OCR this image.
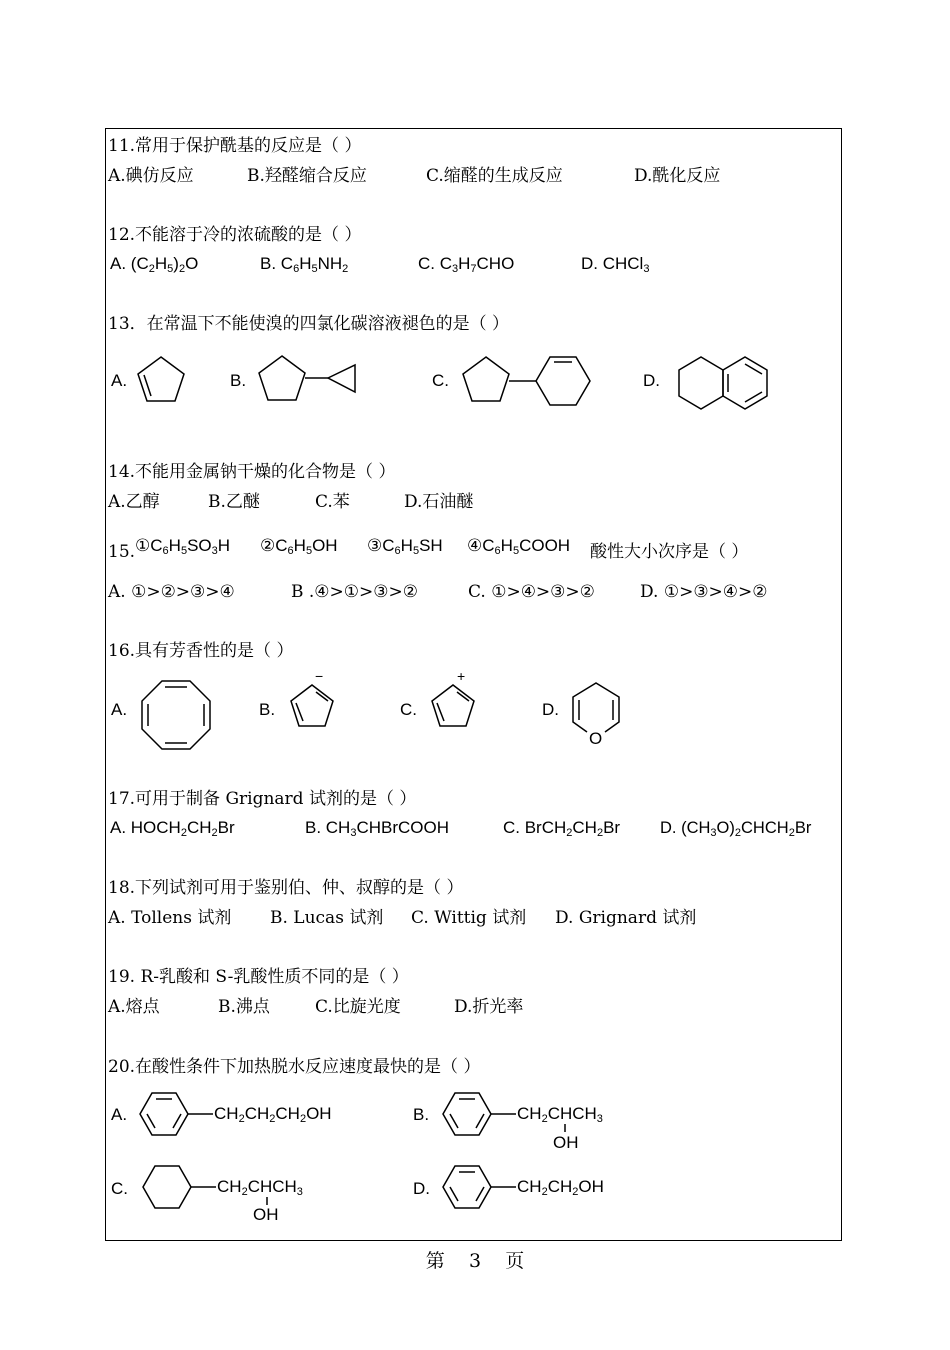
11.常用于保护酰基的反应是（ ）
A.碘仿反应	B.羟醛缩合反应	C.缩醛的生成反应	D.酰化反应
12.不能溶于冷的浓硫酸的是（ ）
A. $(C_2H_5)_2O$	B. $C_6H_5NH_2$	C. $C_3H_7CHO$	D. CHCl$_3$
13．在常温下不能使溴的四氯化碳溶液褪色的是（ ）
A.	B.	C.	D.
14.不能用金属钠干燥的化合物是（ ）
A.乙醇	B.乙醚	C.苯	D.石油醚
15. $①C_6H_5SO_3H$ $②C_6H_5OH$ $③C_6H_5SH$ $④C_6H_5COOH$ 酸性大小次序是（ ）
A. ①>②>③>④	B .④>①>③>②	C. ①>④>③>②	D. ①>③>④>②
16.具有芳香性的是（ ）
A.	B.	C.	D.
−	+
O
17.可用于制备 Grignard 试剂的是（ ）
A. $HOCH_2CH_2Br$	B. $CH_3CHBrCOOH$	C. $BrCH_2CH_2Br$ D. $(CH_3O)_2CHCH_2Br$
18.下列试剂可用于鉴别伯、仲、叔醇的是（ ）
A. Tollens 试剂 B. Lucas 试剂 C. Wittig 试剂 D. Grignard 试剂
19. R-乳酸和 S-乳酸性质不同的是（ ）
A.熔点	B.沸点	C.比旋光度	D.折光率
20.在酸性条件下加热脱水反应速度最快的是（ ）
A.	B.
C.	D.
$CH_2CH_2CH_2OH$	$CH_2CHCH_3$
OH
$CH_2CHCH_3$
OH
$CH_2CH_2OH$
第    3    页
